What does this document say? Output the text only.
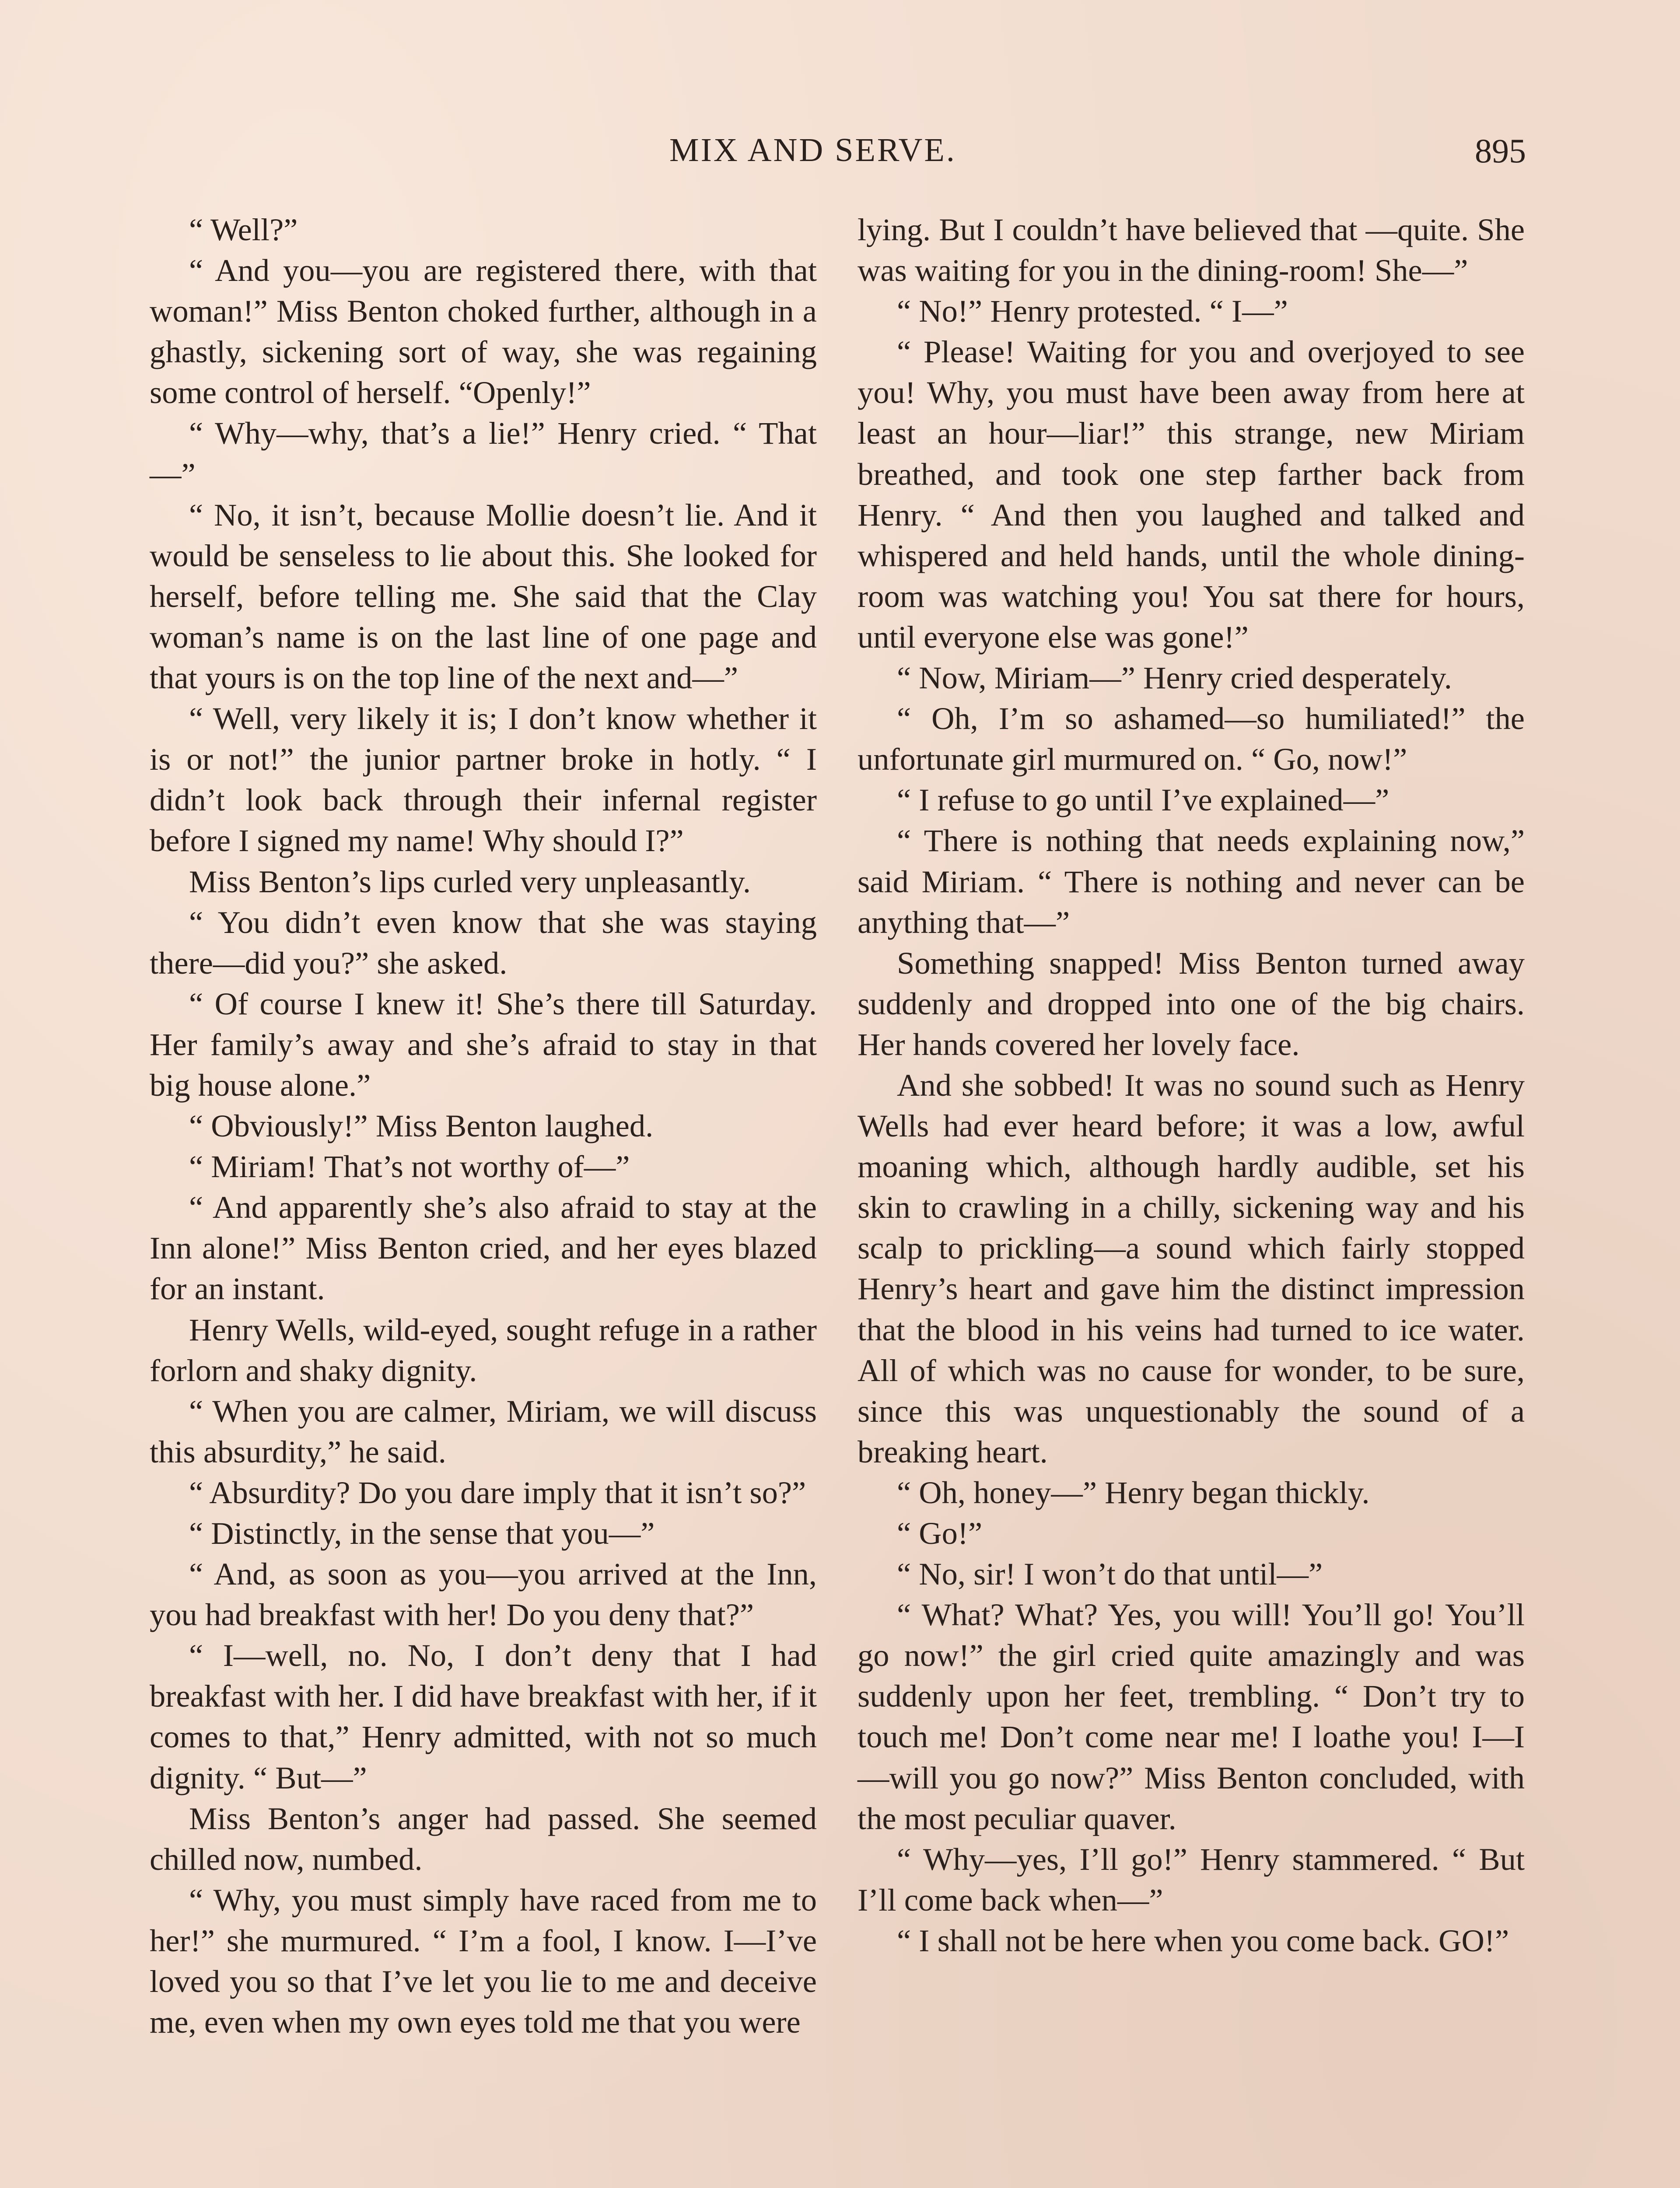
MIX AND SERVE.	895

“ Well?”

“ And you—you are registered there, with that woman!” Miss Benton choked further, although in a ghastly, sickening sort of way, she was regaining some control of herself. “Openly!”

“ Why—why, that’s a lie!” Henry cried. “ That—”

“ No, it isn’t, because Mollie doesn’t lie. And it would be senseless to lie about this. She looked for herself, before telling me. She said that the Clay woman’s name is on the last line of one page and that yours is on the top line of the next and—”

“ Well, very likely it is; I don’t know whether it is or not!” the junior partner broke in hotly. “ I didn’t look back through their infernal register before I signed my name! Why should I?”

Miss Benton’s lips curled very unpleasantly.

“ You didn’t even know that she was staying there—did you?” she asked.

“ Of course I knew it! She’s there till Saturday. Her family’s away and she’s afraid to stay in that big house alone.”

“ Obviously!” Miss Benton laughed.

“ Miriam! That’s not worthy of—”

“ And apparently she’s also afraid to stay at the Inn alone!” Miss Benton cried, and her eyes blazed for an instant.

Henry Wells, wild-eyed, sought refuge in a rather forlorn and shaky dignity.

“ When you are calmer, Miriam, we will discuss this absurdity,” he said.

“ Absurdity? Do you dare imply that it isn’t so?”

“ Distinctly, in the sense that you—”

“ And, as soon as you—you arrived at the Inn, you had breakfast with her! Do you deny that?”

“ I—well, no. No, I don’t deny that I had breakfast with her. I did have breakfast with her, if it comes to that,” Henry admitted, with not so much dignity. “ But—”

Miss Benton’s anger had passed. She seemed chilled now, numbed.

“ Why, you must simply have raced from me to her!” she murmured. “ I’m a fool, I know. I—I’ve loved you so that I’ve let you lie to me and deceive me, even when my own eyes told me that you were

lying. But I couldn’t have believed that —quite. She was waiting for you in the dining-room! She—”

“ No!” Henry protested. “ I—”

“ Please! Waiting for you and overjoyed to see you! Why, you must have been away from here at least an hour—liar!” this strange, new Miriam breathed, and took one step farther back from Henry. “ And then you laughed and talked and whispered and held hands, until the whole dining-room was watching you! You sat there for hours, until everyone else was gone!”

“ Now, Miriam—” Henry cried desperately.

“ Oh, I’m so ashamed—so humiliated!” the unfortunate girl murmured on. “ Go, now!”

“ I refuse to go until I’ve explained—”

“ There is nothing that needs explaining now,” said Miriam. “ There is nothing and never can be anything that—”

Something snapped! Miss Benton turned away suddenly and dropped into one of the big chairs. Her hands covered her lovely face.

And she sobbed! It was no sound such as Henry Wells had ever heard before; it was a low, awful moaning which, although hardly audible, set his skin to crawling in a chilly, sickening way and his scalp to prickling—a sound which fairly stopped Henry’s heart and gave him the distinct impression that the blood in his veins had turned to ice water. All of which was no cause for wonder, to be sure, since this was unquestionably the sound of a breaking heart.

“ Oh, honey—” Henry began thickly.

“ Go!”

“ No, sir! I won’t do that until—”

“ What? What? Yes, you will! You’ll go! You’ll go now!” the girl cried quite amazingly and was suddenly upon her feet, trembling. “ Don’t try to touch me! Don’t come near me! I loathe you! I—I—will you go now?” Miss Benton concluded, with the most peculiar quaver.

“ Why—yes, I’ll go!” Henry stammered. “ But I’ll come back when—”

“ I shall not be here when you come back. GO!”
